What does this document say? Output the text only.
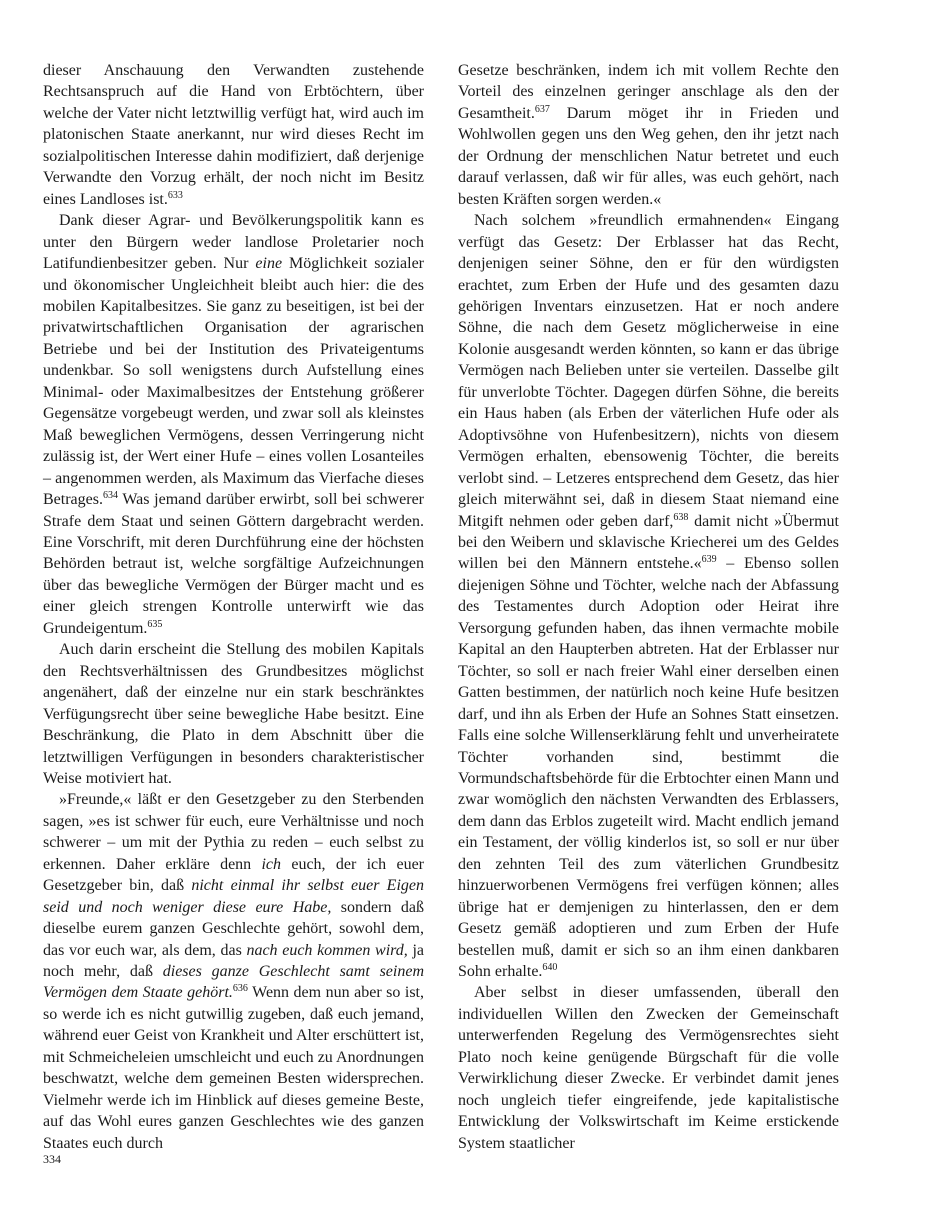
dieser Anschauung den Verwandten zustehende Rechtsanspruch auf die Hand von Erbtöchtern, über welche der Vater nicht letztwillig verfügt hat, wird auch im platonischen Staate anerkannt, nur wird dieses Recht im sozialpolitischen Interesse dahin modifiziert, daß derjenige Verwandte den Vorzug erhält, der noch nicht im Besitz eines Landloses ist.$^{633}$

Dank dieser Agrar- und Bevölkerungspolitik kann es unter den Bürgern weder landlose Proletarier noch Latifundienbesitzer geben. Nur eine Möglichkeit sozialer und ökonomischer Ungleichheit bleibt auch hier: die des mobilen Kapitalbesitzes. Sie ganz zu beseitigen, ist bei der privatwirtschaftlichen Organisation der agrarischen Betriebe und bei der Institution des Privateigentums undenkbar. So soll wenigstens durch Aufstellung eines Minimal- oder Maximalbesitzes der Entstehung größerer Gegensätze vorgebeugt werden, und zwar soll als kleinstes Maß beweglichen Vermögens, dessen Verringerung nicht zulässig ist, der Wert einer Hufe – eines vollen Losanteiles – angenommen werden, als Maximum das Vierfache dieses Betrages.$^{634}$ Was jemand darüber erwirbt, soll bei schwerer Strafe dem Staat und seinen Göttern dargebracht werden. Eine Vorschrift, mit deren Durchführung eine der höchsten Behörden betraut ist, welche sorgfältige Aufzeichnungen über das bewegliche Vermögen der Bürger macht und es einer gleich strengen Kontrolle unterwirft wie das Grundeigentum.$^{635}$

Auch darin erscheint die Stellung des mobilen Kapitals den Rechtsverhältnissen des Grundbesitzes möglichst angenähert, daß der einzelne nur ein stark beschränktes Verfügungsrecht über seine bewegliche Habe besitzt. Eine Beschränkung, die Plato in dem Abschnitt über die letztwilligen Verfügungen in besonders charakteristischer Weise motiviert hat.

»Freunde,« läßt er den Gesetzgeber zu den Sterbenden sagen, »es ist schwer für euch, eure Verhältnisse und noch schwerer – um mit der Pythia zu reden – euch selbst zu erkennen. Daher erkläre denn ich euch, der ich euer Gesetzgeber bin, daß nicht einmal ihr selbst euer Eigen seid und noch weniger diese eure Habe, sondern daß dieselbe eurem ganzen Geschlechte gehört, sowohl dem, das vor euch war, als dem, das nach euch kommen wird, ja noch mehr, daß dieses ganze Geschlecht samt seinem Vermögen dem Staate gehört.$^{636}$ Wenn dem nun aber so ist, so werde ich es nicht gutwillig zugeben, daß euch jemand, während euer Geist von Krankheit und Alter erschüttert ist, mit Schmeicheleien umschleicht und euch zu Anordnungen beschwatzt, welche dem gemeinen Besten widersprechen. Vielmehr werde ich im Hinblick auf dieses gemeine Beste, auf das Wohl eures ganzen Geschlechtes wie des ganzen Staates euch durch

Gesetze beschränken, indem ich mit vollem Rechte den Vorteil des einzelnen geringer anschlage als den der Gesamtheit.$^{637}$ Darum möget ihr in Frieden und Wohlwollen gegen uns den Weg gehen, den ihr jetzt nach der Ordnung der menschlichen Natur betretet und euch darauf verlassen, daß wir für alles, was euch gehört, nach besten Kräften sorgen werden.«

Nach solchem »freundlich ermahnenden« Eingang verfügt das Gesetz: Der Erblasser hat das Recht, denjenigen seiner Söhne, den er für den würdigsten erachtet, zum Erben der Hufe und des gesamten dazu gehörigen Inventars einzusetzen. Hat er noch andere Söhne, die nach dem Gesetz möglicherweise in eine Kolonie ausgesandt werden könnten, so kann er das übrige Vermögen nach Belieben unter sie verteilen. Dasselbe gilt für unverlobte Töchter. Dagegen dürfen Söhne, die bereits ein Haus haben (als Erben der väterlichen Hufe oder als Adoptivsöhne von Hufenbesitzern), nichts von diesem Vermögen erhalten, ebensowenig Töchter, die bereits verlobt sind. – Letzeres entsprechend dem Gesetz, das hier gleich miterwähnt sei, daß in diesem Staat niemand eine Mitgift nehmen oder geben darf,$^{638}$ damit nicht »Übermut bei den Weibern und sklavische Kriecherei um des Geldes willen bei den Männern entstehe.«$^{639}$ – Ebenso sollen diejenigen Söhne und Töchter, welche nach der Abfassung des Testamentes durch Adoption oder Heirat ihre Versorgung gefunden haben, das ihnen vermachte mobile Kapital an den Haupterben abtreten. Hat der Erblasser nur Töchter, so soll er nach freier Wahl einer derselben einen Gatten bestimmen, der natürlich noch keine Hufe besitzen darf, und ihn als Erben der Hufe an Sohnes Statt einsetzen. Falls eine solche Willenserklärung fehlt und unverheiratete Töchter vorhanden sind, bestimmt die Vormundschaftsbehörde für die Erbtochter einen Mann und zwar womöglich den nächsten Verwandten des Erblassers, dem dann das Erblos zugeteilt wird. Macht endlich jemand ein Testament, der völlig kinderlos ist, so soll er nur über den zehnten Teil des zum väterlichen Grundbesitz hinzuerworbenen Vermögens frei verfügen können; alles übrige hat er demjenigen zu hinterlassen, den er dem Gesetz gemäß adoptieren und zum Erben der Hufe bestellen muß, damit er sich so an ihm einen dankbaren Sohn erhalte.$^{640}$

Aber selbst in dieser umfassenden, überall den individuellen Willen den Zwecken der Gemeinschaft unterwerfenden Regelung des Vermögensrechtes sieht Plato noch keine genügende Bürgschaft für die volle Verwirklichung dieser Zwecke. Er verbindet damit jenes noch ungleich tiefer eingreifende, jede kapitalistische Entwicklung der Volkswirtschaft im Keime erstickende System staatlicher

334
